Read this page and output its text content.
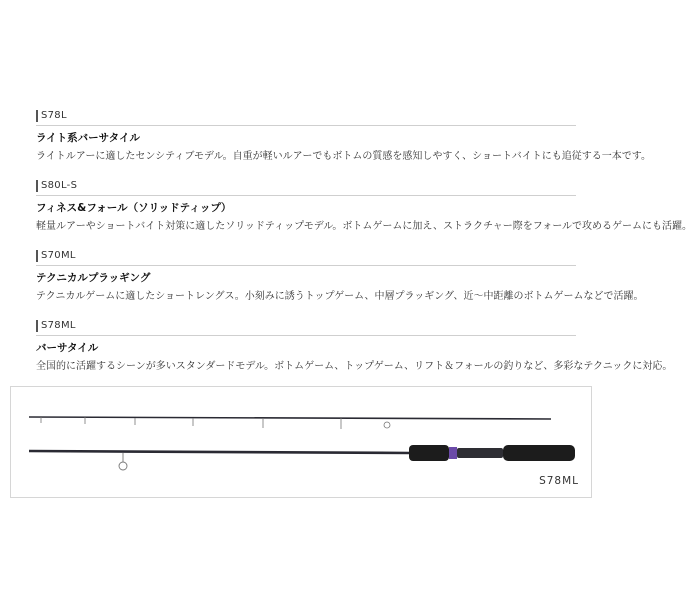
S78L
ライト系バーサタイル
ライトルアーに適したセンシティブモデル。自重が軽いルアーでもボトムの質感を感知しやすく、ショートバイトにも追従する一本です。
S80L-S
フィネス&フォール（ソリッドティップ）
軽量ルアーやショートバイト対策に適したソリッドティップモデル。ボトムゲームに加え、ストラクチャー際をフォールで攻めるゲームにも活躍。
S70ML
テクニカルプラッギング
テクニカルゲームに適したショートレングス。小刻みに誘うトップゲーム、中層プラッギング、近～中距離のボトムゲームなどで活躍。
S78ML
バーサタイル
全国的に活躍するシーンが多いスタンダードモデル。ボトムゲーム、トップゲーム、リフト＆フォールの釣りなど、多彩なテクニックに対応。
S78ML
